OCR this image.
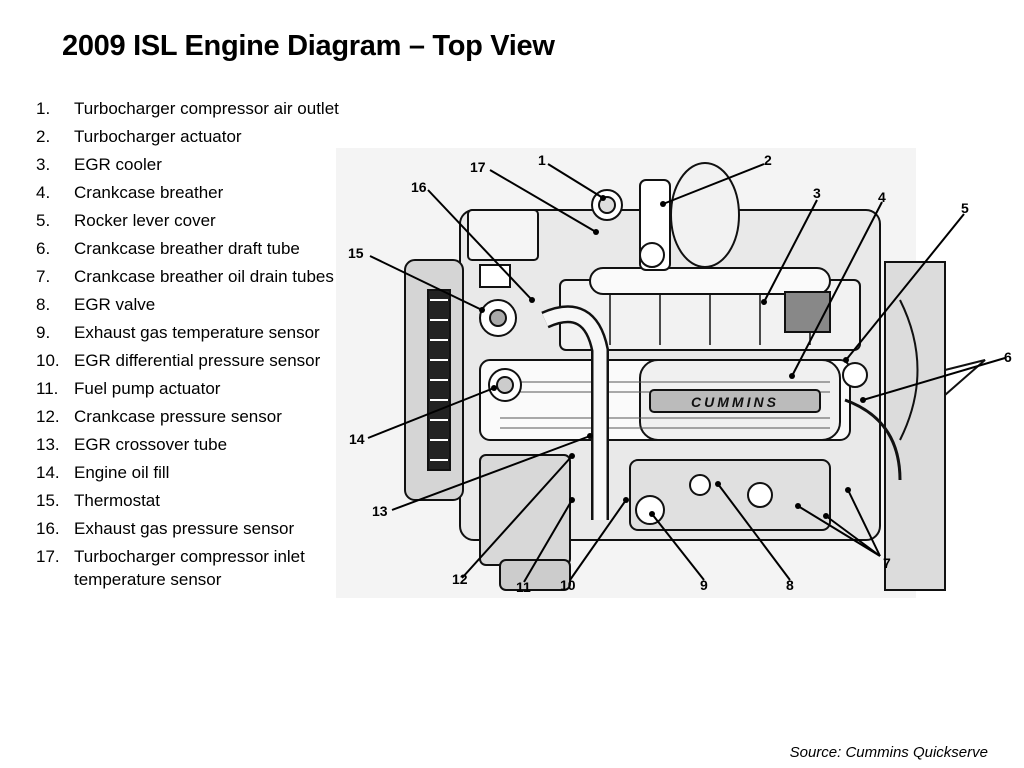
2009 ISL Engine Diagram – Top View
1.	Turbocharger compressor air outlet
2.	Turbocharger actuator
3.	EGR cooler
4.	Crankcase breather
5.	Rocker lever cover
6.	Crankcase breather draft tube
7.	Crankcase breather oil drain tubes
8.	EGR valve
9.	Exhaust gas temperature sensor
10. EGR differential pressure sensor
11. Fuel pump actuator
12. Crankcase pressure sensor
13. EGR crossover tube
14. Engine oil fill
15. Thermostat
16. Exhaust gas pressure sensor
17. Turbocharger compressor inlet temperature sensor
CUMMINS
1	2
3	4
5
6
7
8
9
10
11
12
13
14
15
16
17
Source: Cummins Quickserve
